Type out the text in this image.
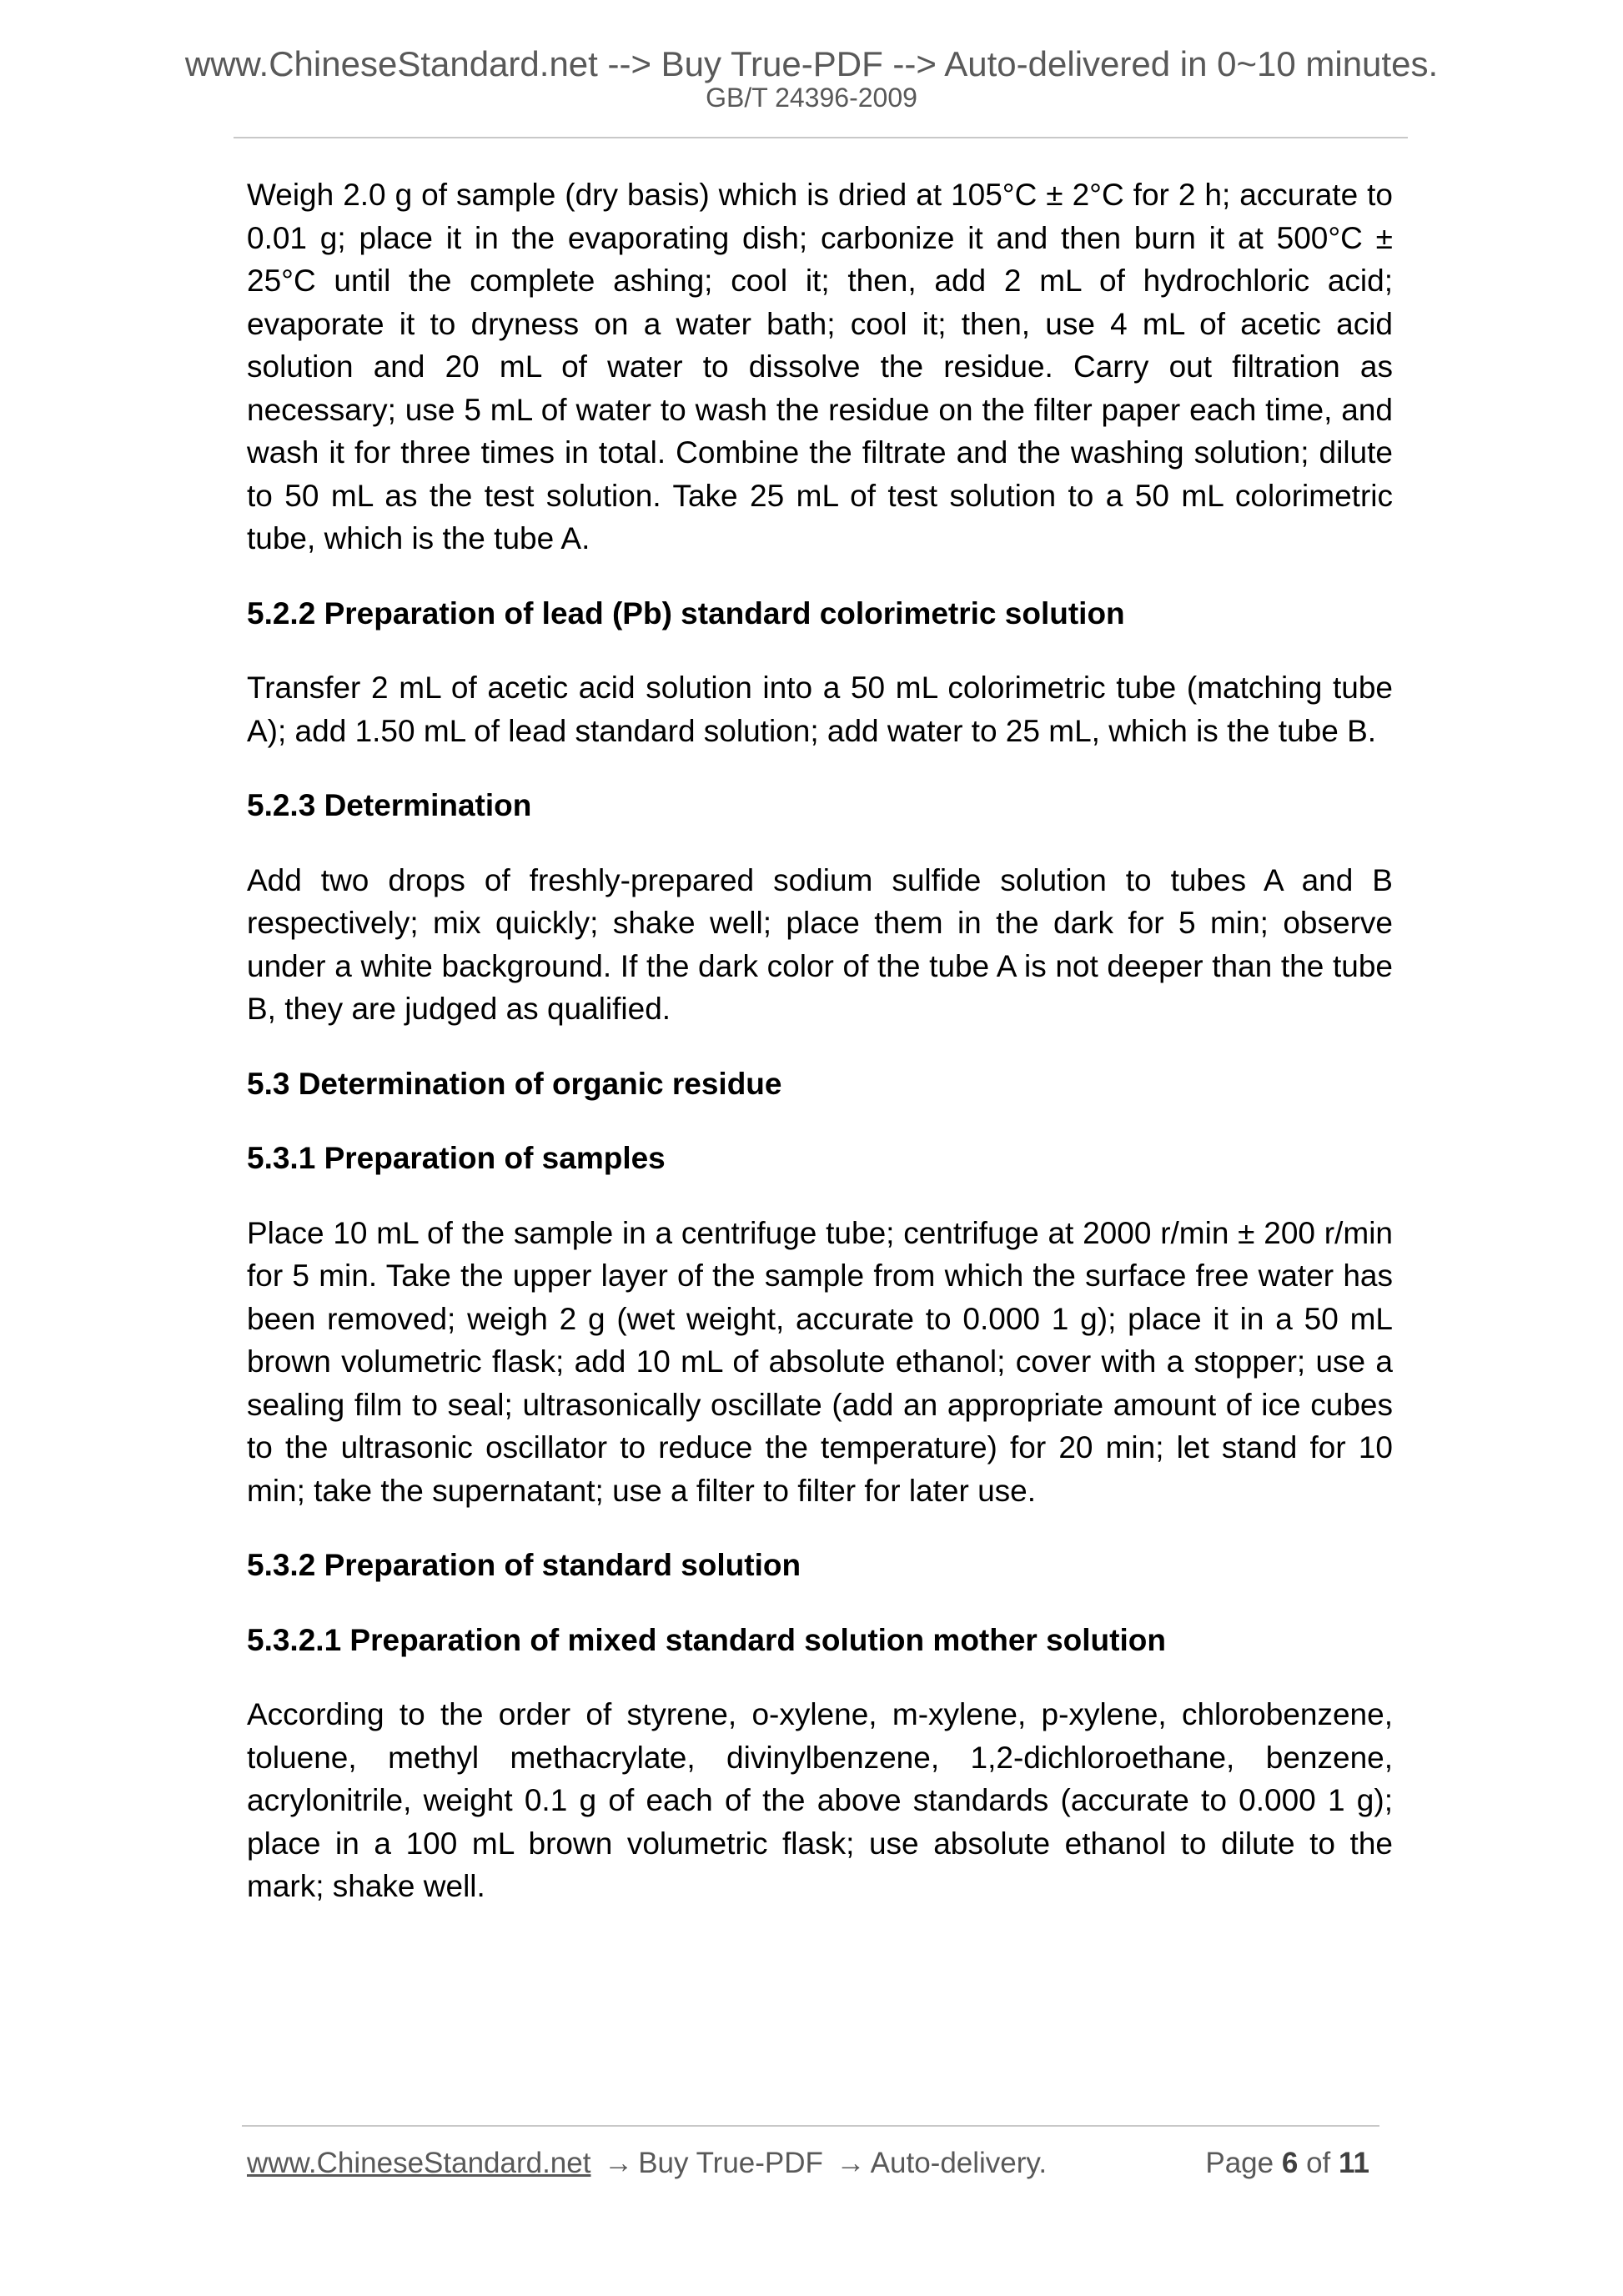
www.ChineseStandard.net --> Buy True-PDF --> Auto-delivered in 0~10 minutes.
GB/T 24396-2009

Weigh 2.0 g of sample (dry basis) which is dried at 105°C ± 2°C for 2 h; accurate to 0.01 g; place it in the evaporating dish; carbonize it and then burn it at 500°C ± 25°C until the complete ashing; cool it; then, add 2 mL of hydrochloric acid; evaporate it to dryness on a water bath; cool it; then, use 4 mL of acetic acid solution and 20 mL of water to dissolve the residue. Carry out filtration as necessary; use 5 mL of water to wash the residue on the filter paper each time, and wash it for three times in total. Combine the filtrate and the washing solution; dilute to 50 mL as the test solution. Take 25 mL of test solution to a 50 mL colorimetric tube, which is the tube A.

5.2.2 Preparation of lead (Pb) standard colorimetric solution

Transfer 2 mL of acetic acid solution into a 50 mL colorimetric tube (matching tube A); add 1.50 mL of lead standard solution; add water to 25 mL, which is the tube B.

5.2.3 Determination

Add two drops of freshly-prepared sodium sulfide solution to tubes A and B respectively; mix quickly; shake well; place them in the dark for 5 min; observe under a white background. If the dark color of the tube A is not deeper than the tube B, they are judged as qualified.

5.3 Determination of organic residue
5.3.1 Preparation of samples

Place 10 mL of the sample in a centrifuge tube; centrifuge at 2000 r/min ± 200 r/min for 5 min. Take the upper layer of the sample from which the surface free water has been removed; weigh 2 g (wet weight, accurate to 0.000 1 g); place it in a 50 mL brown volumetric flask; add 10 mL of absolute ethanol; cover with a stopper; use a sealing film to seal; ultrasonically oscillate (add an appropriate amount of ice cubes to the ultrasonic oscillator to reduce the temperature) for 20 min; let stand for 10 min; take the supernatant; use a filter to filter for later use.

5.3.2 Preparation of standard solution
5.3.2.1 Preparation of mixed standard solution mother solution

According to the order of styrene, o-xylene, m-xylene, p-xylene, chlorobenzene, toluene, methyl methacrylate, divinylbenzene, 1,2-dichloroethane, benzene, acrylonitrile, weight 0.1 g of each of the above standards (accurate to 0.000 1 g); place in a 100 mL brown volumetric flask; use absolute ethanol to dilute to the mark; shake well.

www.ChineseStandard.net → Buy True-PDF → Auto-delivery.	Page 6 of 11
